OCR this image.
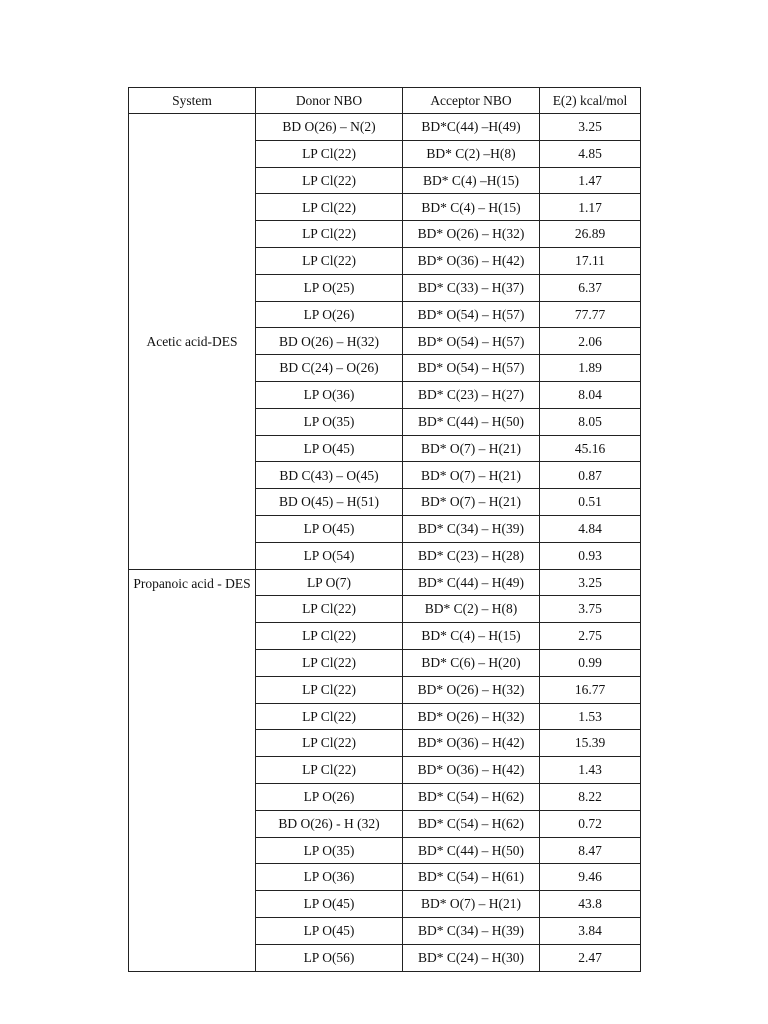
System	Donor NBO	Acceptor NBO	E(2) kcal/mol
Acetic acid-DES	BD O(26) – N(2)	BD*C(44) –H(49)	3.25
	LP Cl(22)	BD* C(2) –H(8)	4.85
	LP Cl(22)	BD* C(4) –H(15)	1.47
	LP Cl(22)	BD* C(4) – H(15)	1.17
	LP Cl(22)	BD* O(26) – H(32)	26.89
	LP Cl(22)	BD* O(36) – H(42)	17.11
	LP O(25)	BD* C(33) – H(37)	6.37
	LP O(26)	BD* O(54) – H(57)	77.77
	BD O(26) – H(32)	BD* O(54) – H(57)	2.06
	BD C(24) – O(26)	BD* O(54) – H(57)	1.89
	LP O(36)	BD* C(23) – H(27)	8.04
	LP O(35)	BD* C(44) – H(50)	8.05
	LP O(45)	BD* O(7) – H(21)	45.16
	BD C(43) – O(45)	BD* O(7) – H(21)	0.87
	BD O(45) – H(51)	BD* O(7) – H(21)	0.51
	LP O(45)	BD* C(34) – H(39)	4.84
	LP O(54)	BD* C(23) – H(28)	0.93
Propanoic acid - DES	LP O(7)	BD* C(44) – H(49)	3.25
	LP Cl(22)	BD* C(2) – H(8)	3.75
	LP Cl(22)	BD* C(4) – H(15)	2.75
	LP Cl(22)	BD* C(6) – H(20)	0.99
	LP Cl(22)	BD* O(26) – H(32)	16.77
	LP Cl(22)	BD* O(26) – H(32)	1.53
	LP Cl(22)	BD* O(36) – H(42)	15.39
	LP Cl(22)	BD* O(36) – H(42)	1.43
	LP O(26)	BD* C(54) – H(62)	8.22
	BD O(26) - H (32)	BD* C(54) – H(62)	0.72
	LP O(35)	BD* C(44) – H(50)	8.47
	LP O(36)	BD* C(54) – H(61)	9.46
	LP O(45)	BD* O(7) – H(21)	43.8
	LP O(45)	BD* C(34) – H(39)	3.84
	LP O(56)	BD* C(24) – H(30)	2.47
